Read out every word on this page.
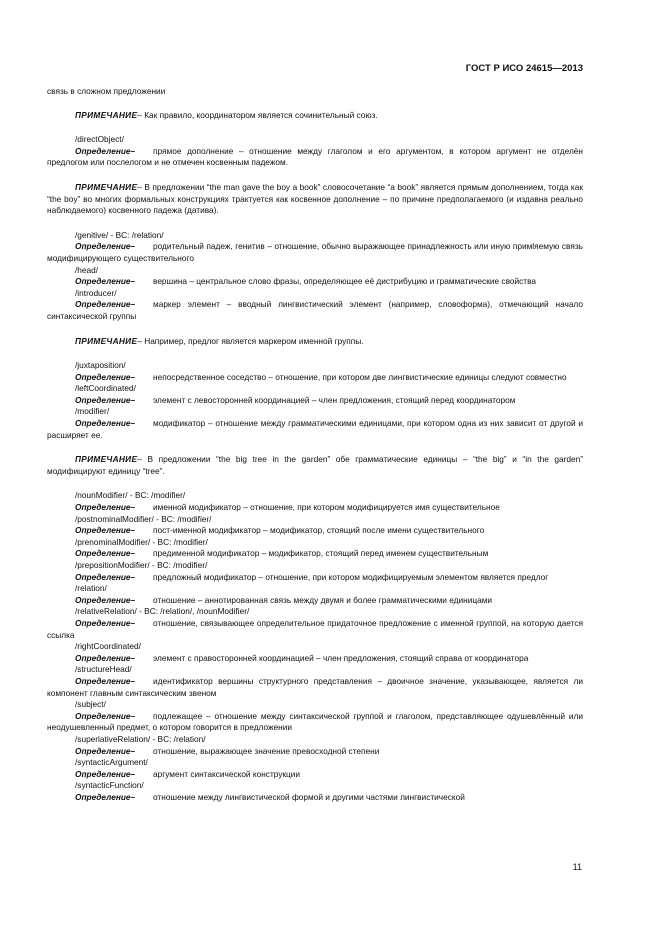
ГОСТ Р ИСО 24615—2013

связь в сложном предложении

ПРИМЕЧАНИЕ– Как правило, координатором является сочинительный союз.

/directObject/

Определение– прямое дополнение – отношение между глаголом и его аргументом, в котором аргумент не отделён предлогом или послелогом и не отмечен косвенным падежом.

ПРИМЕЧАНИЕ– В предложении “the man gave the boy a book” словосочетание “a book” является прямым дополнением, тогда как “the boy” во многих формальных конструкциях трактуется как косвенное дополнение – по причине предполагаемого (и издавна реально наблюдаемого) косвенного падежа (датива).

/genitive/ - BC: /relation/

Определение– родительный падеж, генитив – отношение, обычно выражающее принадлежность или иную примlяемую связь модифицирующего существительного

/head/

Определение– вершина – центральное слово фразы, определяющее её дистрибуцию и грамматические свойства

/introducer/

Определение– маркер элемент – вводный лингвистический элемент (например, словоформа), отмечающий начало синтаксической группы

ПРИМЕЧАНИЕ– Например, предлог является маркером именной группы.

/juxtaposition/

Определение– непосредственное соседство – отношение, при котором две лингвистические единицы следуют совместно

/leftCoordinated/

Определение– элемент с левосторонней координацией – член предложения, стоящий перед координатором

/modifier/

Определение– модификатор – отношение между грамматическими единицами, при котором одна из них зависит от другой и расширяет ее.

ПРИМЕЧАНИЕ– В предложении “the big tree in the garden” обе грамматические единицы – “the big” и “in the garden” модифицируют единицу “tree”.

/nounModifier/ - BC: /modifier/

Определение– именной модификатор – отношение, при котором модифицируется имя существительное

/postnominalModifier/ - BC: /modifier/

Определение– пост-именной модификатор – модификатор, стоящий после имени существительного

/prenominalModifier/ - BC: /modifier/

Определение– предименной модификатор – модификатор, стоящий перед именем существительным

/prepositionModifier/ - BC: /modifier/

Определение– предложный модификатор – отношение, при котором модифицируемым элементом является предлог

/relation/

Определение– отношение – аннотированная связь между двумя и более грамматическими единицами

/relativeRelation/ - BC: /relation/, /nounModifier/

Определение– отношение, связывающее определительное придаточное предложение с именной группой, на которую дается ссылка

/rightCoordinated/

Определение– элемент с правосторонней координацией – член предложения, стоящий справа от координатора

/structureHead/

Определение– идентификатор вершины структурного представления – двоичное значение, указывающее, является ли компонент главным синтаксическим звеном

/subject/

Определение– подлежащее – отношение между синтаксической группой и глаголом, представляющее одушевлённый или неодушевленный предмет, о котором говорится в предложении

/superlativeRelation/ - BC: /relation/

Определение– отношение, выражающее значение превосходной степени

/syntacticArgument/

Определение– аргумент синтаксической конструкции

/syntacticFunction/

Определение– отношение между лингвистической формой и другими частями лингвистической

11
